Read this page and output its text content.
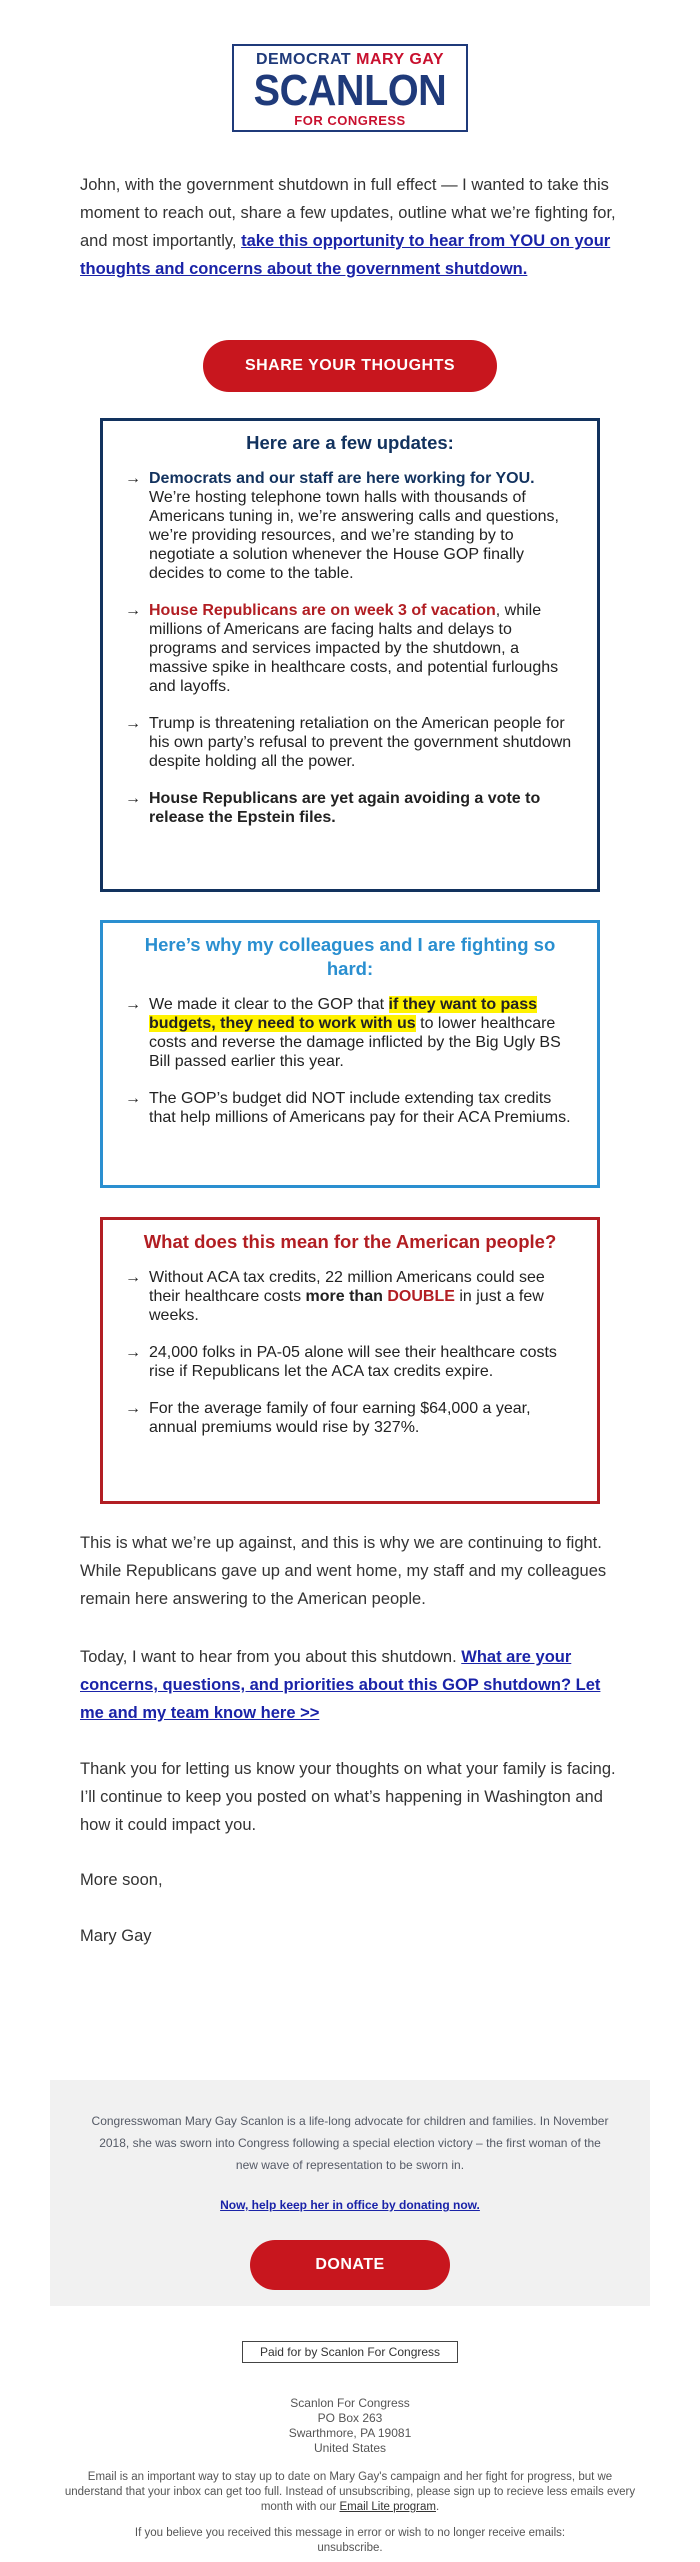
DEMOCRAT MARY GAY
SCANLON
FOR CONGRESS

John, with the government shutdown in full effect — I wanted to take this moment to reach out, share a few updates, outline what we’re fighting for, and most importantly, take this opportunity to hear from YOU on your thoughts and concerns about the government shutdown.

SHARE YOUR THOUGHTS
Here are a few updates:
→ Democrats and our staff are here working for YOU. We’re hosting telephone town halls with thousands of Americans tuning in, we’re answering calls and questions, we’re providing resources, and we’re standing by to negotiate a solution whenever the House GOP finally decides to come to the table.
→ House Republicans are on week 3 of vacation, while millions of Americans are facing halts and delays to programs and services impacted by the shutdown, a massive spike in healthcare costs, and potential furloughs and layoffs.
→ Trump is threatening retaliation on the American people for his own party’s refusal to prevent the government shutdown despite holding all the power.
→ House Republicans are yet again avoiding a vote to release the Epstein files.
Here’s why my colleagues and I are fighting so hard:
→ We made it clear to the GOP that if they want to pass budgets, they need to work with us to lower healthcare costs and reverse the damage inflicted by the Big Ugly BS Bill passed earlier this year.
→ The GOP’s budget did NOT include extending tax credits that help millions of Americans pay for their ACA Premiums.
What does this mean for the American people?
→ Without ACA tax credits, 22 million Americans could see their healthcare costs more than DOUBLE in just a few weeks.
→ 24,000 folks in PA-05 alone will see their healthcare costs rise if Republicans let the ACA tax credits expire.
→ For the average family of four earning $64,000 a year, annual premiums would rise by 327%.

This is what we’re up against, and this is why we are continuing to fight. While Republicans gave up and went home, my staff and my colleagues remain here answering to the American people.

Today, I want to hear from you about this shutdown. What are your concerns, questions, and priorities about this GOP shutdown? Let me and my team know here >>

Thank you for letting us know your thoughts on what your family is facing. I’ll continue to keep you posted on what’s happening in Washington and how it could impact you.

More soon,

Mary Gay

Congresswoman Mary Gay Scanlon is a life-long advocate for children and families. In November 2018, she was sworn into Congress following a special election victory – the first woman of the new wave of representation to be sworn in.

Now, help keep her in office by donating now.

DONATE
Paid for by Scanlon For Congress
Scanlon For Congress
PO Box 263
Swarthmore, PA 19081
United States

Email is an important way to stay up to date on Mary Gay's campaign and her fight for progress, but we understand that your inbox can get too full. Instead of unsubscribing, please sign up to recieve less emails every month with our Email Lite program.

If you believe you received this message in error or wish to no longer receive emails:
unsubscribe.
